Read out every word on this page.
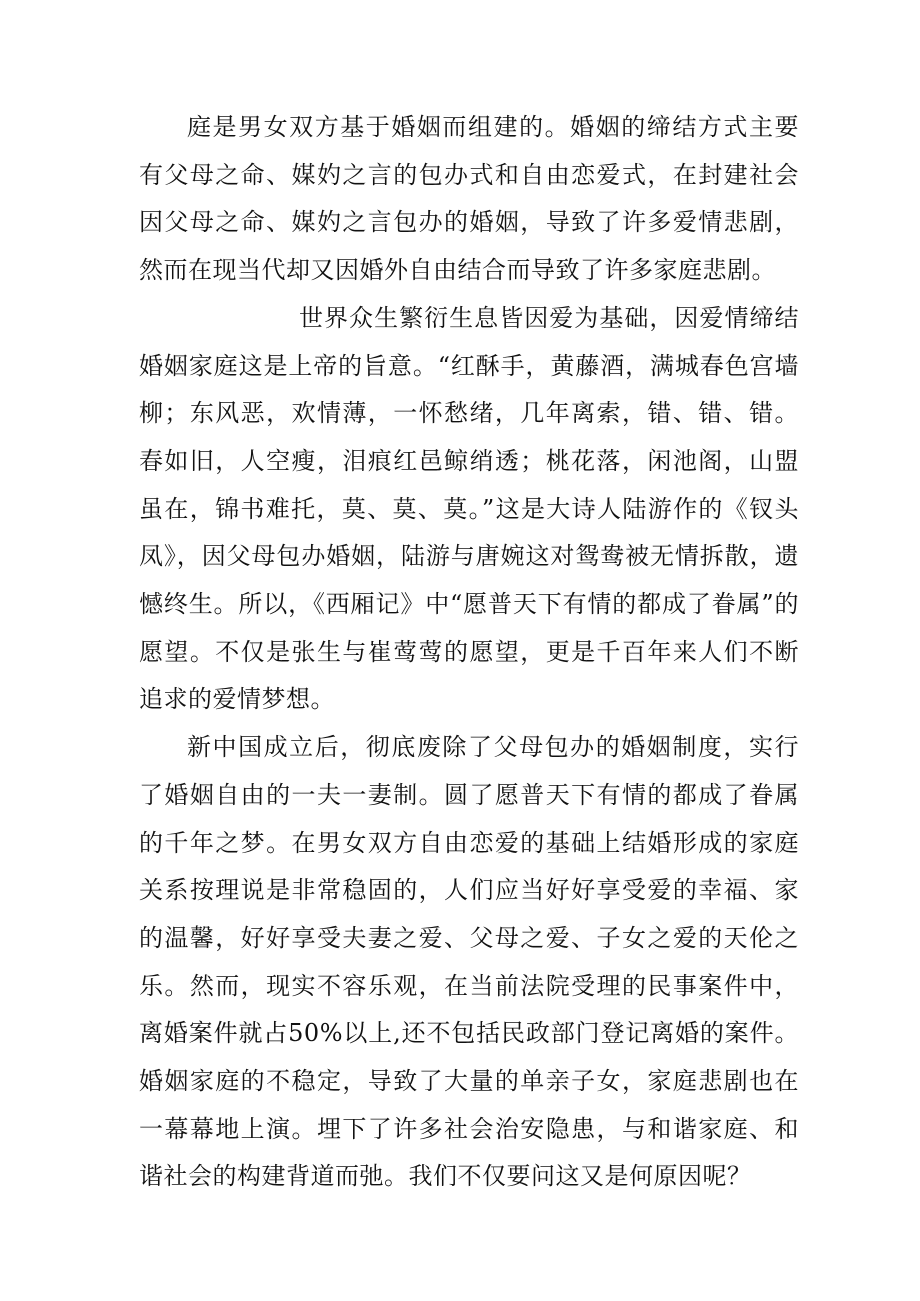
庭是男女双方基于婚姻而组建的。婚姻的缔结方式主要有父母之命、媒妁之言的包办式和自由恋爱式，在封建社会因父母之命、媒妁之言包办的婚姻，导致了许多爱情悲剧，然而在现当代却又因婚外自由结合而导致了许多家庭悲剧。

世界众生繁衍生息皆因爱为基础，因爱情缔结婚姻家庭这是上帝的旨意。“红酥手，黄藤酒，满城春色宫墙柳；东风恶，欢情薄，一怀愁绪，几年离索，错、错、错。春如旧，人空瘦，泪痕红邑鲸绡透；桃花落，闲池阁，山盟虽在，锦书难托，莫、莫、莫。”这是大诗人陆游作的《钗头凤》，因父母包办婚姻，陆游与唐婉这对鸳鸯被无情拆散，遗憾终生。所以，《西厢记》中“愿普天下有情的都成了眷属”的愿望。不仅是张生与崔莺莺的愿望，更是千百年来人们不断追求的爱情梦想。

新中国成立后，彻底废除了父母包办的婚姻制度，实行了婚姻自由的一夫一妻制。圆了愿普天下有情的都成了眷属的千年之梦。在男女双方自由恋爱的基础上结婚形成的家庭关系按理说是非常稳固的，人们应当好好享受爱的幸福、家的温馨，好好享受夫妻之爱、父母之爱、子女之爱的天伦之乐。然而，现实不容乐观，在当前法院受理的民事案件中，离婚案件就占50%以上,还不包括民政部门登记离婚的案件。婚姻家庭的不稳定，导致了大量的单亲子女，家庭悲剧也在一幕幕地上演。埋下了许多社会治安隐患，与和谐家庭、和谐社会的构建背道而弛。我们不仅要问这又是何原因呢？
